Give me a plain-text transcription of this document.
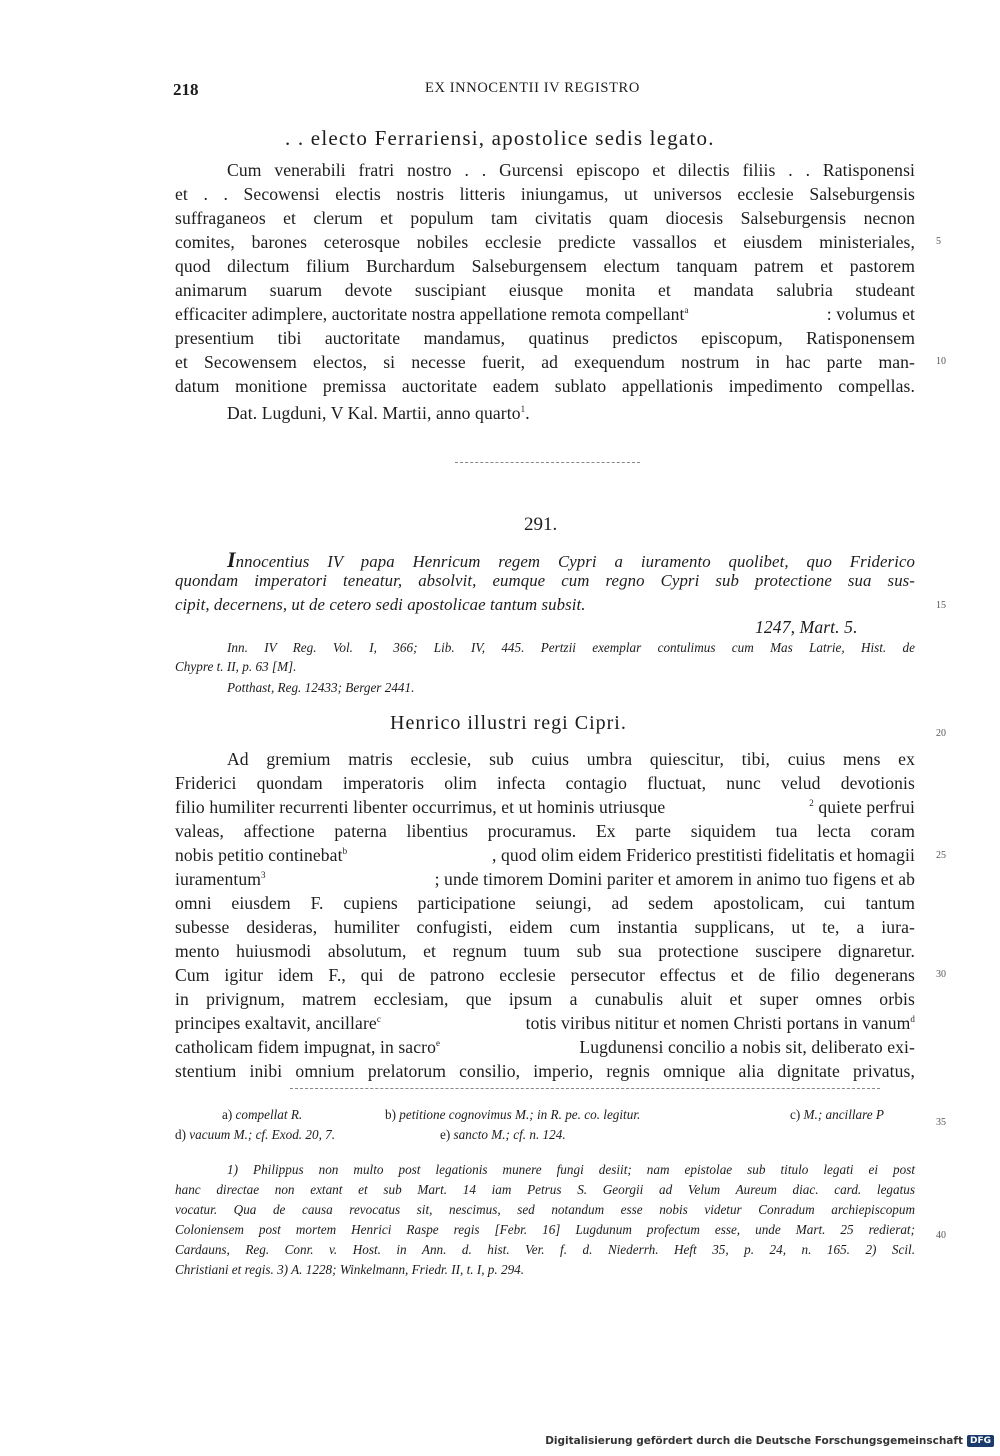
218	EX INNOCENTII IV REGISTRO
. . electo Ferrariensi, apostolice sedis legato.
Cum venerabili fratri nostro . . Gurcensi episcopo et dilectis filiis . . Ratisponensi
et . . Secowensi electis nostris litteris iniungamus, ut universos ecclesie Salseburgensis
suffraganeos et clerum et populum tam civitatis quam diocesis Salseburgensis necnon
comites, barones ceterosque nobiles ecclesie predicte vassallos et eiusdem ministeriales,
quod dilectum filium Burchardum Salseburgensem electum tanquam patrem et pastorem
animarum suarum devote suscipiant eiusque monita et mandata salubria studeant
efficaciter adimplere, auctoritate nostra appellatione remota compellant$^a$	: volumus et
presentium tibi auctoritate mandamus, quatinus predictos episcopum, Ratisponensem
et Secowensem electos, si necesse fuerit, ad exequendum nostrum in hac parte man-
datum monitione premissa auctoritate eadem sublato appellationis impedimento compellas.
Dat. Lugduni, V Kal. Martii, anno quarto$^1$.
291.
Innocentius IV papa Henricum regem Cypri a iuramento quolibet, quo Friderico
quondam imperatori teneatur, absolvit, eumque cum regno Cypri sub protectione sua sus-
cipit, decernens, ut de cetero sedi apostolicae tantum subsit.
1247, Mart. 5.
Inn. IV Reg. Vol. I, 366; Lib. IV, 445. Pertzii exemplar contulimus cum Mas Latrie, Hist. de
Chypre t. II, p. 63 [M].
Potthast, Reg. 12433; Berger 2441.
Henrico illustri regi Cipri.
Ad gremium matris ecclesie, sub cuius umbra quiescitur, tibi, cuius mens ex
Friderici quondam imperatoris olim infecta contagio fluctuat, nunc velud devotionis
filio humiliter recurrenti libenter occurrimus, et ut hominis utriusque	$^2$ quiete perfrui
valeas, affectione paterna libentius procuramus. Ex parte siquidem tua lecta coram
nobis petitio continebat$^b$	, quod olim eidem Friderico prestitisti fidelitatis et homagii
iuramentum$^3$	; unde timorem Domini pariter et amorem in animo tuo figens et ab
omni eiusdem F. cupiens participatione seiungi, ad sedem apostolicam, cui tantum
subesse desideras, humiliter confugisti, eidem cum instantia supplicans, ut te, a iura-
mento huiusmodi absolutum, et regnum tuum sub sua protectione suscipere dignaretur.
Cum igitur idem F., qui de patrono ecclesie persecutor effectus et de filio degenerans
in privignum, matrem ecclesiam, que ipsum a cunabulis aluit et super omnes orbis
principes exaltavit, ancillare$^c$	totis viribus nititur et nomen Christi portans in vanum$^d$
catholicam fidem impugnat, in sacro$^e$	Lugdunensi concilio a nobis sit, deliberato exi-
stentium inibi omnium prelatorum consilio, imperio, regnis omnique alia dignitate privatus,
a) compellat R.	b) petitione cognovimus M.; in R. pe. co. legitur.	c) M.; ancillare P
d) vacuum M.; cf. Exod. 20, 7.	e) sancto M.; cf. n. 124.
1) Philippus non multo post legationis munere fungi desiit; nam epistolae sub titulo legati ei post
hanc directae non extant et sub Mart. 14 iam Petrus S. Georgii ad Velum Aureum diac. card. legatus
vocatur. Qua de causa revocatus sit, nescimus, sed notandum esse nobis videtur Conradum archiepiscopum
Coloniensem post mortem Henrici Raspe regis [Febr. 16] Lugdunum profectum esse, unde Mart. 25 redierat;
Cardauns, Reg. Conr. v. Host. in Ann. d. hist. Ver. f. d. Niederrh. Heft 35, p. 24, n. 165. 2) Scil.
Christiani et regis. 3) A. 1228; Winkelmann, Friedr. II, t. I, p. 294.
5
10
15
20
25
30
35
40
Digitalisierung gefördert durch die Deutsche Forschungsgemeinschaft DFG
